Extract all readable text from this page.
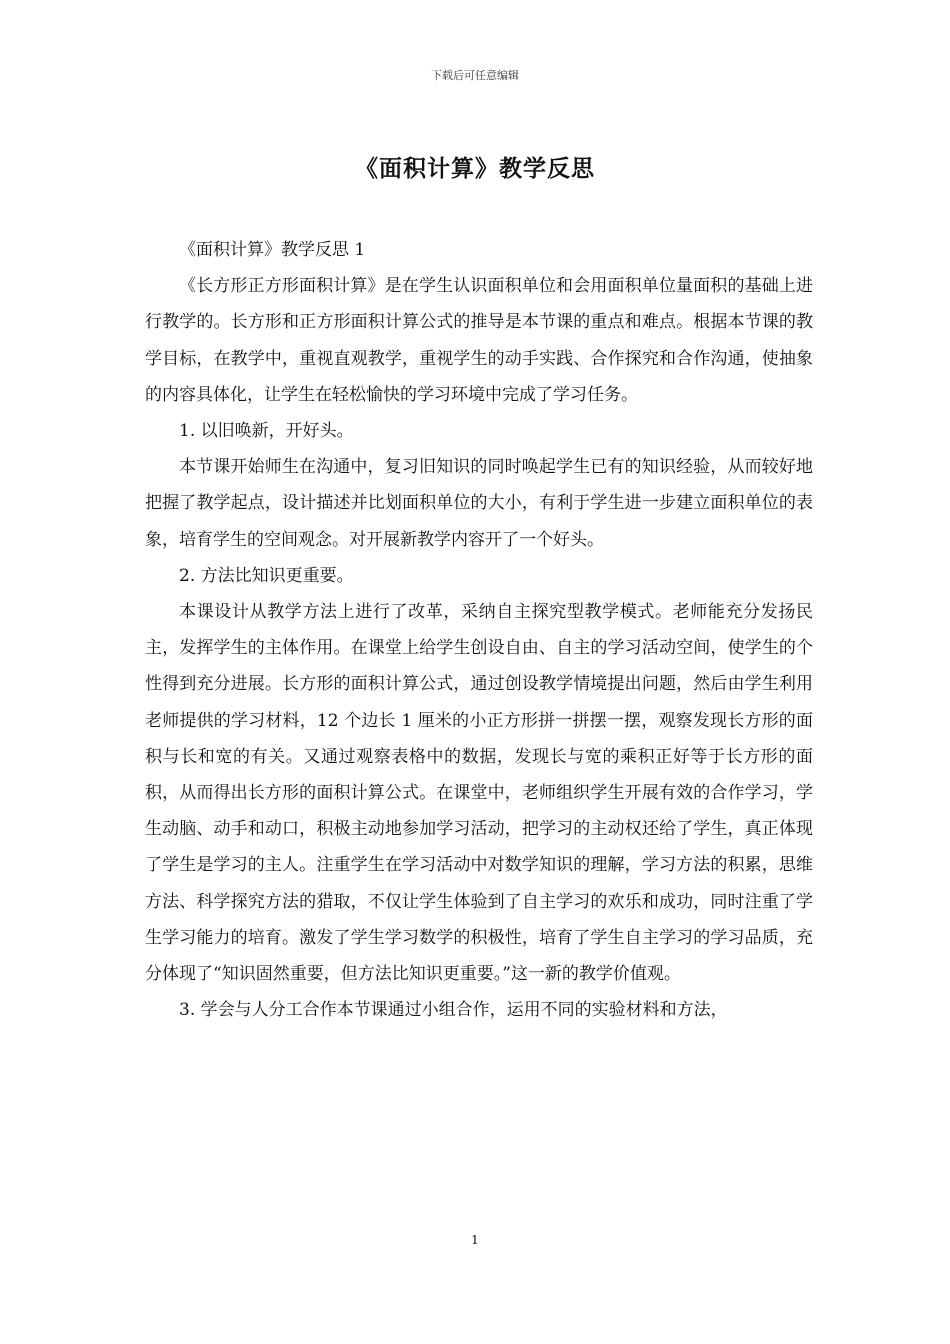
下载后可任意编辑
《面积计算》教学反思

《面积计算》教学反思 1

《长方形正方形面积计算》是在学生认识面积单位和会用面积单位量面积的基础上进行教学的。长方形和正方形面积计算公式的推导是本节课的重点和难点。根据本节课的教学目标，在教学中，重视直观教学，重视学生的动手实践、合作探究和合作沟通，使抽象的内容具体化，让学生在轻松愉快的学习环境中完成了学习任务。

1. 以旧唤新，开好头。

本节课开始师生在沟通中，复习旧知识的同时唤起学生已有的知识经验，从而较好地把握了教学起点，设计描述并比划面积单位的大小，有利于学生进一步建立面积单位的表象，培育学生的空间观念。对开展新教学内容开了一个好头。

2. 方法比知识更重要。

本课设计从教学方法上进行了改革，采纳自主探究型教学模式。老师能充分发扬民主，发挥学生的主体作用。在课堂上给学生创设自由、自主的学习活动空间，使学生的个性得到充分进展。长方形的面积计算公式，通过创设教学情境提出问题，然后由学生利用老师提供的学习材料，12 个边长 1 厘米的小正方形拼一拼摆一摆，观察发现长方形的面积与长和宽的有关。又通过观察表格中的数据，发现长与宽的乘积正好等于长方形的面积，从而得出长方形的面积计算公式。在课堂中，老师组织学生开展有效的合作学习，学生动脑、动手和动口，积极主动地参加学习活动，把学习的主动权还给了学生，真正体现了学生是学习的主人。注重学生在学习活动中对数学知识的理解，学习方法的积累，思维方法、科学探究方法的猎取，不仅让学生体验到了自主学习的欢乐和成功，同时注重了学生学习能力的培育。激发了学生学习数学的积极性，培育了学生自主学习的学习品质，充分体现了“知识固然重要，但方法比知识更重要。”这一新的教学价值观。

3. 学会与人分工合作本节课通过小组合作，运用不同的实验材料和方法，

1
